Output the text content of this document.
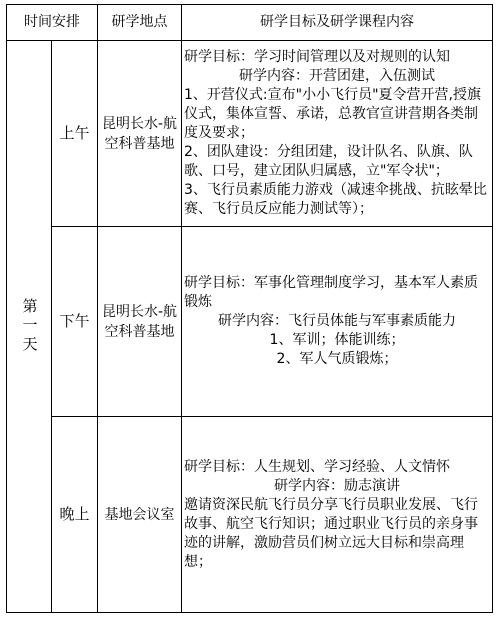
时间安排		研学地点	研学目标及研学课程内容

第一天	上午	昆明长水-航空科普基地	研学目标：学习时间管理以及对规则的认知
研学内容：开营团建，入伍测试
1、开营仪式:宣布"小小飞行员"夏令营开营,授旗仪式，集体宣誓、承诺，总教官宣讲营期各类制度及要求；
2、团队建设：分组团建，设计队名、队旗、队歌、口号，建立团队归属感，立"军令状"；
3、飞行员素质能力游戏（减速伞挑战、抗眩晕比赛、飞行员反应能力测试等）；

	下午	昆明长水-航空科普基地	研学目标：军事化管理制度学习，基本军人素质锻炼
研学内容：飞行员体能与军事素质能力
1、军训；体能训练；
2、军人气质锻炼；

	晚上	基地会议室	研学目标：人生规划、学习经验、人文情怀
研学内容：励志演讲
邀请资深民航飞行员分享飞行员职业发展、飞行故事、航空飞行知识；通过职业飞行员的亲身事迹的讲解，激励营员们树立远大目标和崇高理想；
